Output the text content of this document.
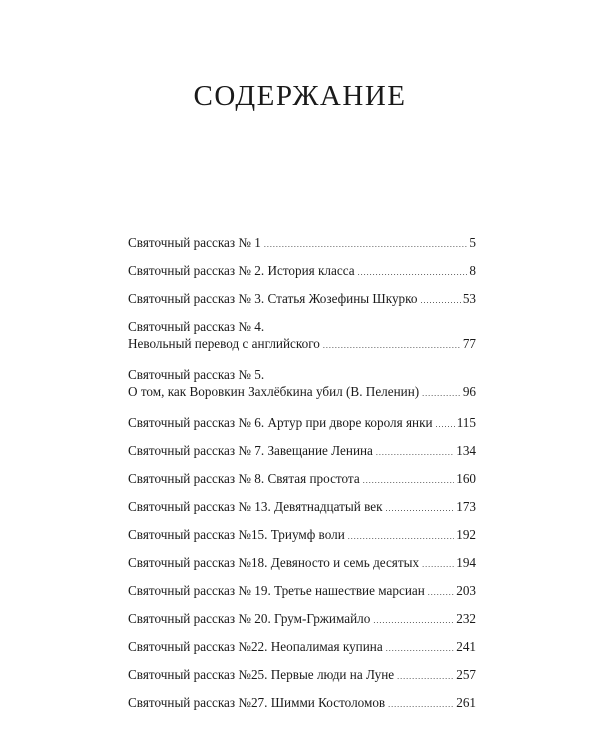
СОДЕРЖАНИЕ
Святочный рассказ № 1 .....	5
Святочный рассказ № 2. История класса .....	8
Святочный рассказ № 3. Статья Жозефины Шкурко .....	53
Святочный рассказ № 4.
Невольный перевод с английского .....	77
Святочный рассказ № 5.
О том, как Воровкин Захлёбкина убил (В. Пеленин) .....	96
Святочный рассказ № 6. Артур при дворе короля янки ..... 115
Святочный рассказ № 7. Завещание Ленина .....	134
Святочный рассказ № 8. Святая простота .....	160
Святочный рассказ № 13. Девятнадцатый век .....	173
Святочный рассказ №15. Триумф воли .....	192
Святочный рассказ №18. Девяносто и семь десятых .....	194
Святочный рассказ № 19. Третье нашествие марсиан ..... 203
Святочный рассказ № 20. Грум-Гржимайло .....	232
Святочный рассказ №22. Неопалимая купина .....	241
Святочный рассказ №25. Первые люди на Луне .....	257
Святочный рассказ №27. Шимми Костоломов .....	261
